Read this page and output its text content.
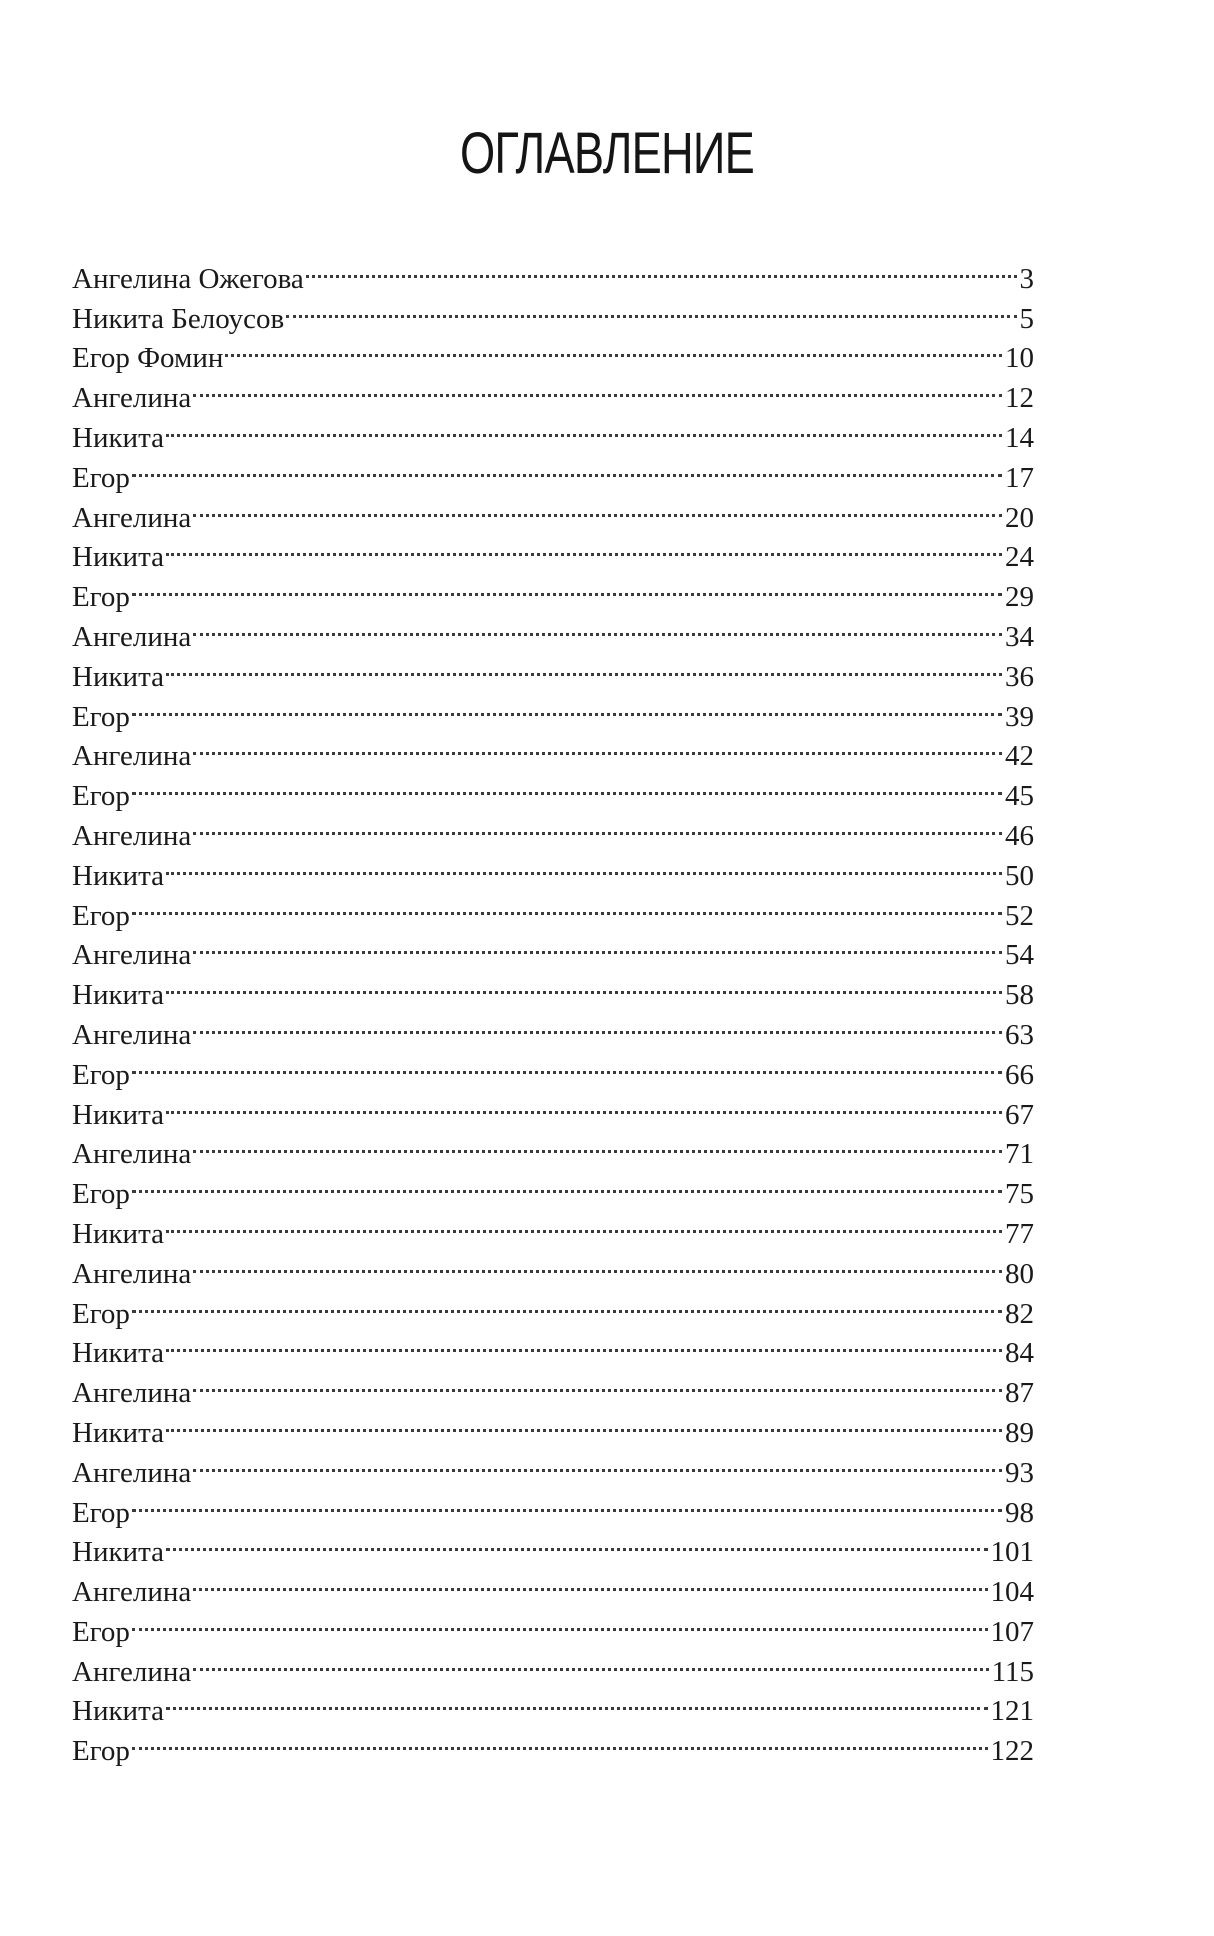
ОГЛАВЛЕНИЕ
Ангелина Ожегова	3
Никита Белоусов	5
Егор Фомин	10
Ангелина	12
Никита	14
Егор	17
Ангелина	20
Никита	24
Егор	29
Ангелина	34
Никита	36
Егор	39
Ангелина	42
Егор	45
Ангелина	46
Никита	50
Егор	52
Ангелина	54
Никита	58
Ангелина	63
Егор	66
Никита	67
Ангелина	71
Егор	75
Никита	77
Ангелина	80
Егор	82
Никита	84
Ангелина	87
Никита	89
Ангелина	93
Егор	98
Никита	101
Ангелина	104
Егор	107
Ангелина	115
Никита	121
Егор	122
